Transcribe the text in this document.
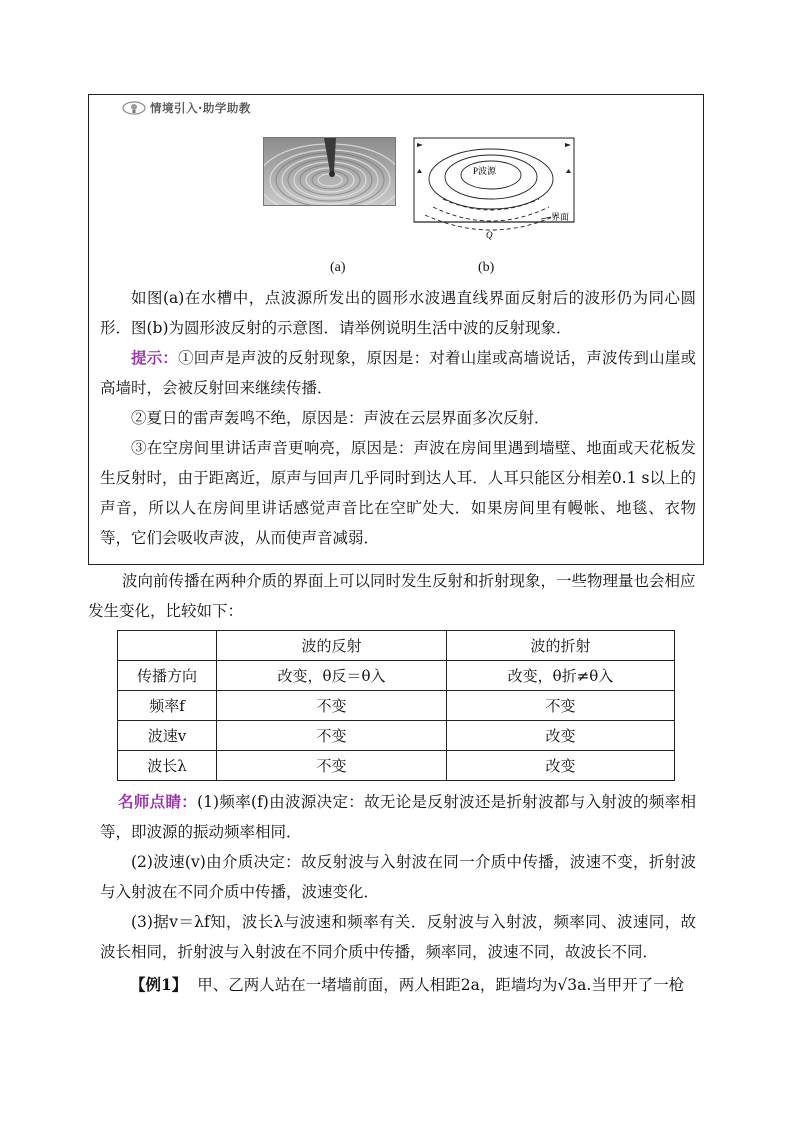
情境引入·助学助教
P波源
界面
Q
(a)	(b)

如图(a)在水槽中，点波源所发出的圆形水波遇直线界面反射后的波形仍为同心圆形．图(b)为圆形波反射的示意图．请举例说明生活中波的反射现象．

提示：①回声是声波的反射现象，原因是：对着山崖或高墙说话，声波传到山崖或高墙时，会被反射回来继续传播．

②夏日的雷声轰鸣不绝，原因是：声波在云层界面多次反射．

③在空房间里讲话声音更响亮，原因是：声波在房间里遇到墙壁、地面或天花板发生反射时，由于距离近，原声与回声几乎同时到达人耳．人耳只能区分相差0.1 s以上的声音，所以人在房间里讲话感觉声音比在空旷处大．如果房间里有幔帐、地毯、衣物等，它们会吸收声波，从而使声音减弱．

波向前传播在两种介质的界面上可以同时发生反射和折射现象，一些物理量也会相应发生变化，比较如下：
	波的反射	波的折射
传播方向	改变，θ反＝θ入	改变，θ折≠θ入
频率f	不变	不变
波速v	不变	改变
波长λ	不变	改变

名师点睛：(1)频率(f)由波源决定：故无论是反射波还是折射波都与入射波的频率相等，即波源的振动频率相同．

(2)波速(v)由介质决定：故反射波与入射波在同一介质中传播，波速不变，折射波与入射波在不同介质中传播，波速变化．

(3)据v＝λf知，波长λ与波速和频率有关．反射波与入射波，频率同、波速同，故波长相同，折射波与入射波在不同介质中传播，频率同，波速不同，故波长不同．

【例1】 甲、乙两人站在一堵墙前面，两人相距2a，距墙均为√3a.当甲开了一枪
